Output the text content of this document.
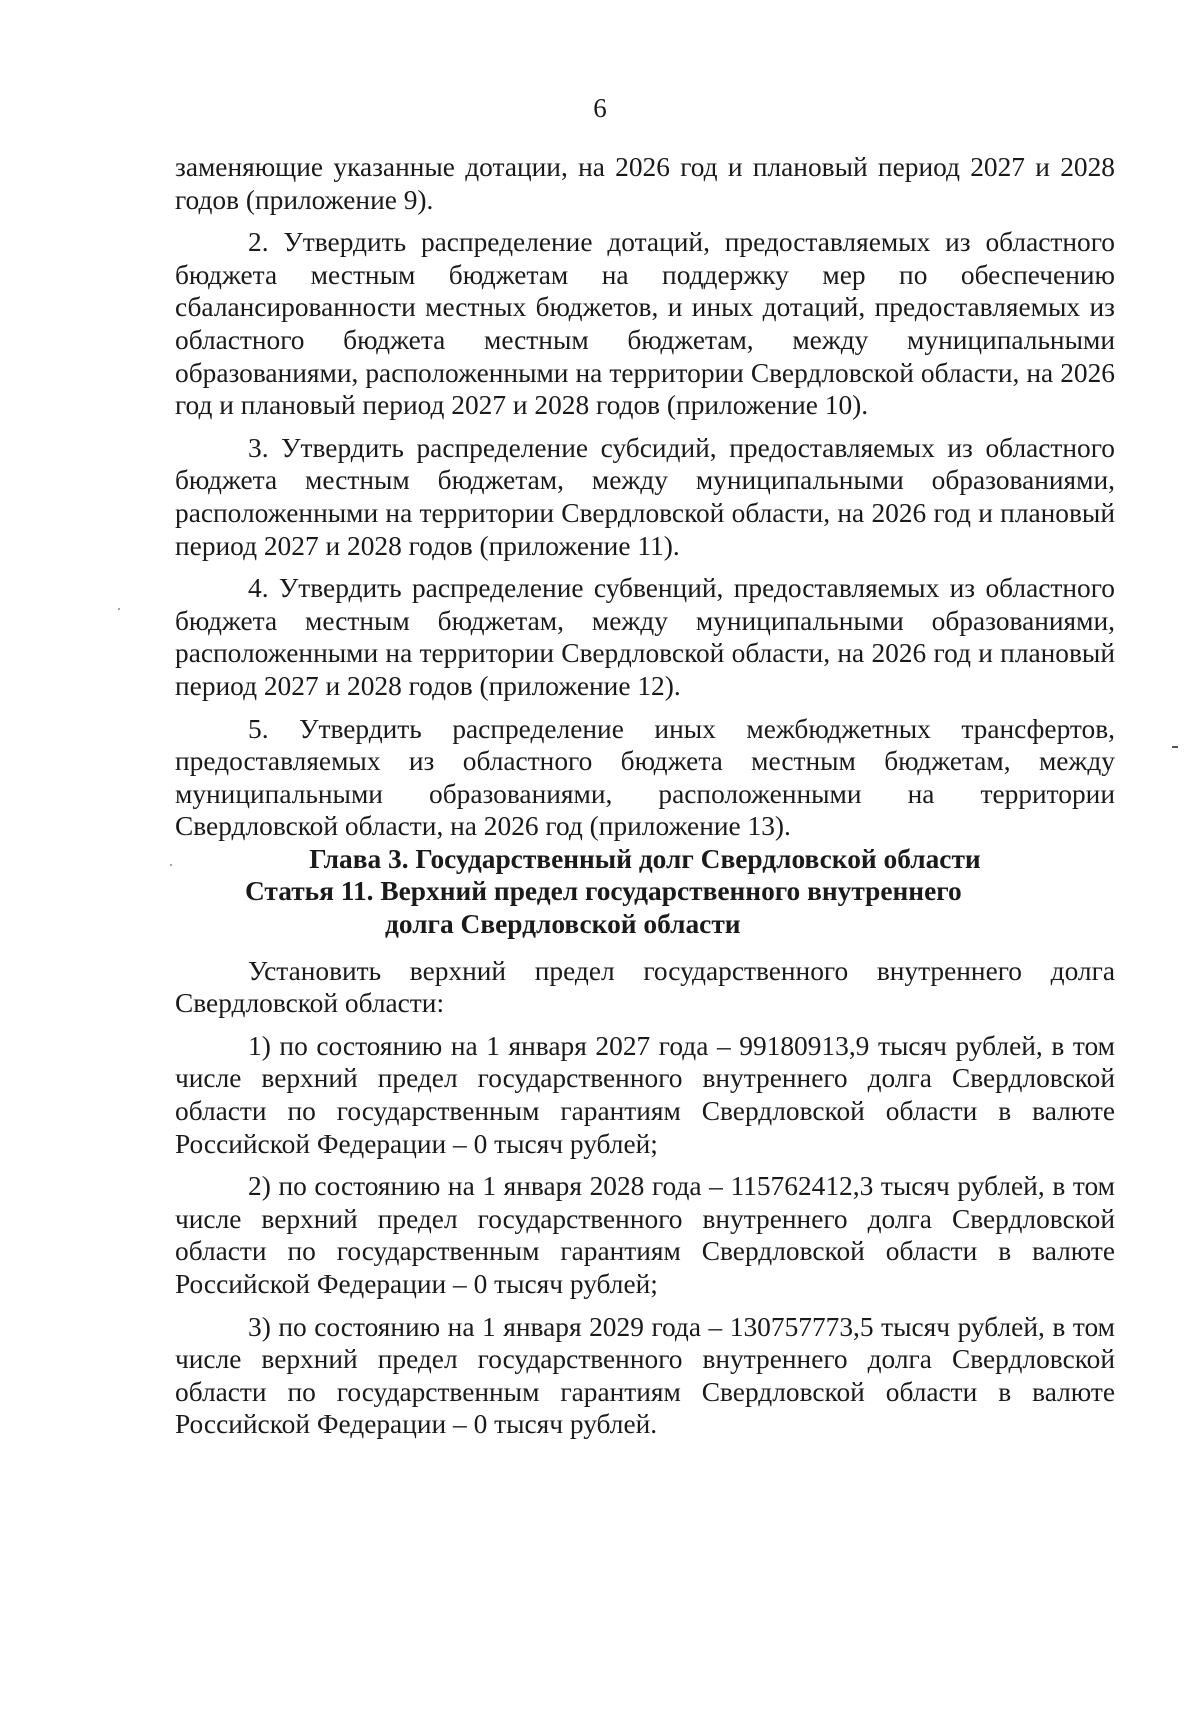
6

заменяющие указанные дотации, на 2026 год и плановый период 2027 и 2028 годов (приложение 9).

2. Утвердить распределение дотаций, предоставляемых из областного бюджета местным бюджетам на поддержку мер по обеспечению сбалансированности местных бюджетов, и иных дотаций, предоставляемых из областного бюджета местным бюджетам, между муниципальными образованиями, расположенными на территории Свердловской области, на 2026 год и плановый период 2027 и 2028 годов (приложение 10).

3. Утвердить распределение субсидий, предоставляемых из областного бюджета местным бюджетам, между муниципальными образованиями, расположенными на территории Свердловской области, на 2026 год и плановый период 2027 и 2028 годов (приложение 11).

4. Утвердить распределение субвенций, предоставляемых из областного бюджета местным бюджетам, между муниципальными образованиями, расположенными на территории Свердловской области, на 2026 год и плановый период 2027 и 2028 годов (приложение 12).

5. Утвердить распределение иных межбюджетных трансфертов, предоставляемых из областного бюджета местным бюджетам, между муниципальными образованиями, расположенными на территории Свердловской области, на 2026 год (приложение 13).

Глава 3. Государственный долг Свердловской области

Статья 11. Верхний предел государственного внутреннего
долга Свердловской области

Установить верхний предел государственного внутреннего долга Свердловской области:

1) по состоянию на 1 января 2027 года – 99180913,9 тысяч рублей, в том числе верхний предел государственного внутреннего долга Свердловской области по государственным гарантиям Свердловской области в валюте Российской Федерации – 0 тысяч рублей;

2) по состоянию на 1 января 2028 года – 115762412,3 тысяч рублей, в том числе верхний предел государственного внутреннего долга Свердловской области по государственным гарантиям Свердловской области в валюте Российской Федерации – 0 тысяч рублей;

3) по состоянию на 1 января 2029 года – 130757773,5 тысяч рублей, в том числе верхний предел государственного внутреннего долга Свердловской области по государственным гарантиям Свердловской области в валюте Российской Федерации – 0 тысяч рублей.
